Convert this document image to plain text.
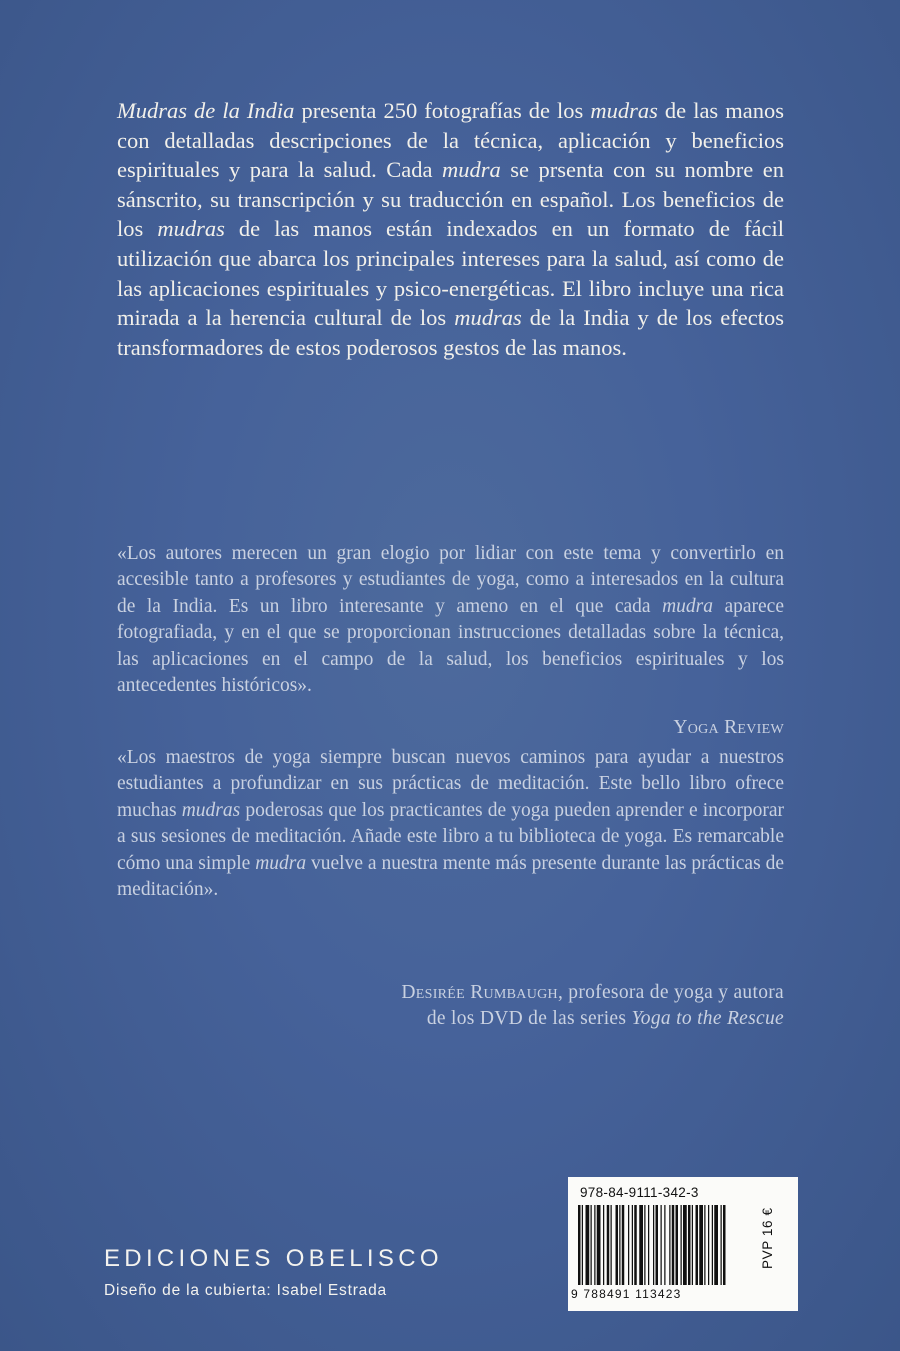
Mudras de la India presenta 250 fotografías de los mudras de las manos con detalladas descripciones de la técnica, aplicación y beneficios espirituales y para la salud. Cada mudra se prsenta con su nombre en sánscrito, su transcripción y su traducción en español. Los beneficios de los mudras de las manos están indexados en un formato de fácil utilización que abarca los principales intereses para la salud, así como de las aplicaciones espirituales y psico-energéticas. El libro incluye una rica mirada a la herencia cultural de los mudras de la India y de los efectos transformadores de estos poderosos gestos de las manos.

«Los autores merecen un gran elogio por lidiar con este tema y convertirlo en accesible tanto a profesores y estudiantes de yoga, como a interesados en la cultura de la India. Es un libro interesante y ameno en el que cada mudra aparece fotografiada, y en el que se proporcionan instrucciones detalladas sobre la técnica, las aplicaciones en el campo de la salud, los beneficios espirituales y los antecedentes históricos».

Yoga Review

«Los maestros de yoga siempre buscan nuevos caminos para ayudar a nuestros estudiantes a profundizar en sus prácticas de meditación. Este bello libro ofrece muchas mudras poderosas que los practicantes de yoga pueden aprender e incorporar a sus sesiones de meditación. Añade este libro a tu biblioteca de yoga. Es remarcable cómo una simple mudra vuelve a nuestra mente más presente durante las prácticas de meditación».

Desirée Rumbaugh, profesora de yoga y autora
de los DVD de las series Yoga to the Rescue

EDICIONES OBELISCO

Diseño de la cubierta: Isabel Estrada

978-84-9111-342-3
9 788491 113423
PVP 16 €
